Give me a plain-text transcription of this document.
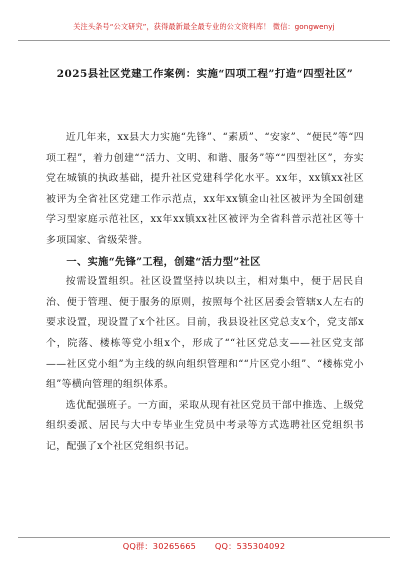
关注头条号“公文研究”，获得最新最全最专业的公文资料库！ 微信：gongwenyj
2025县社区党建工作案例：实施“四项工程”打造“四型社区”

近几年来，xx县大力实施“先锋”、“素质”、“安家”、“便民”等“四项工程”，着力创建““活力、文明、和谐、服务”等““四型社区”，夯实党在城镇的执政基础，提升社区党建科学化水平。xx年，xx镇xx社区被评为全省社区党建工作示范点，xx年xx镇金山社区被评为全国创建学习型家庭示范社区，xx年xx镇xx社区被评为全省科普示范社区等十多项国家、省级荣誉。

一、实施“先锋”工程，创建“活力型”社区

按需设置组织。社区设置坚持以块以主，相对集中，便于居民自治、便于管理、便于服务的原则，按照每个社区居委会管辖x人左右的要求设置，现设置了x个社区。目前，我县设社区党总支x个，党支部x个，院落、楼栋等党小组x个，形成了““社区党总支——社区党支部——社区党小组”为主线的纵向组织管理和““片区党小组”、“楼栋党小组”等横向管理的组织体系。

选优配强班子。一方面，采取从现有社区党员干部中推选、上级党组织委派、居民与大中专毕业生党员中考录等方式选聘社区党组织书记，配强了x个社区党组织书记。

QQ群：30265665 QQ：535304092
